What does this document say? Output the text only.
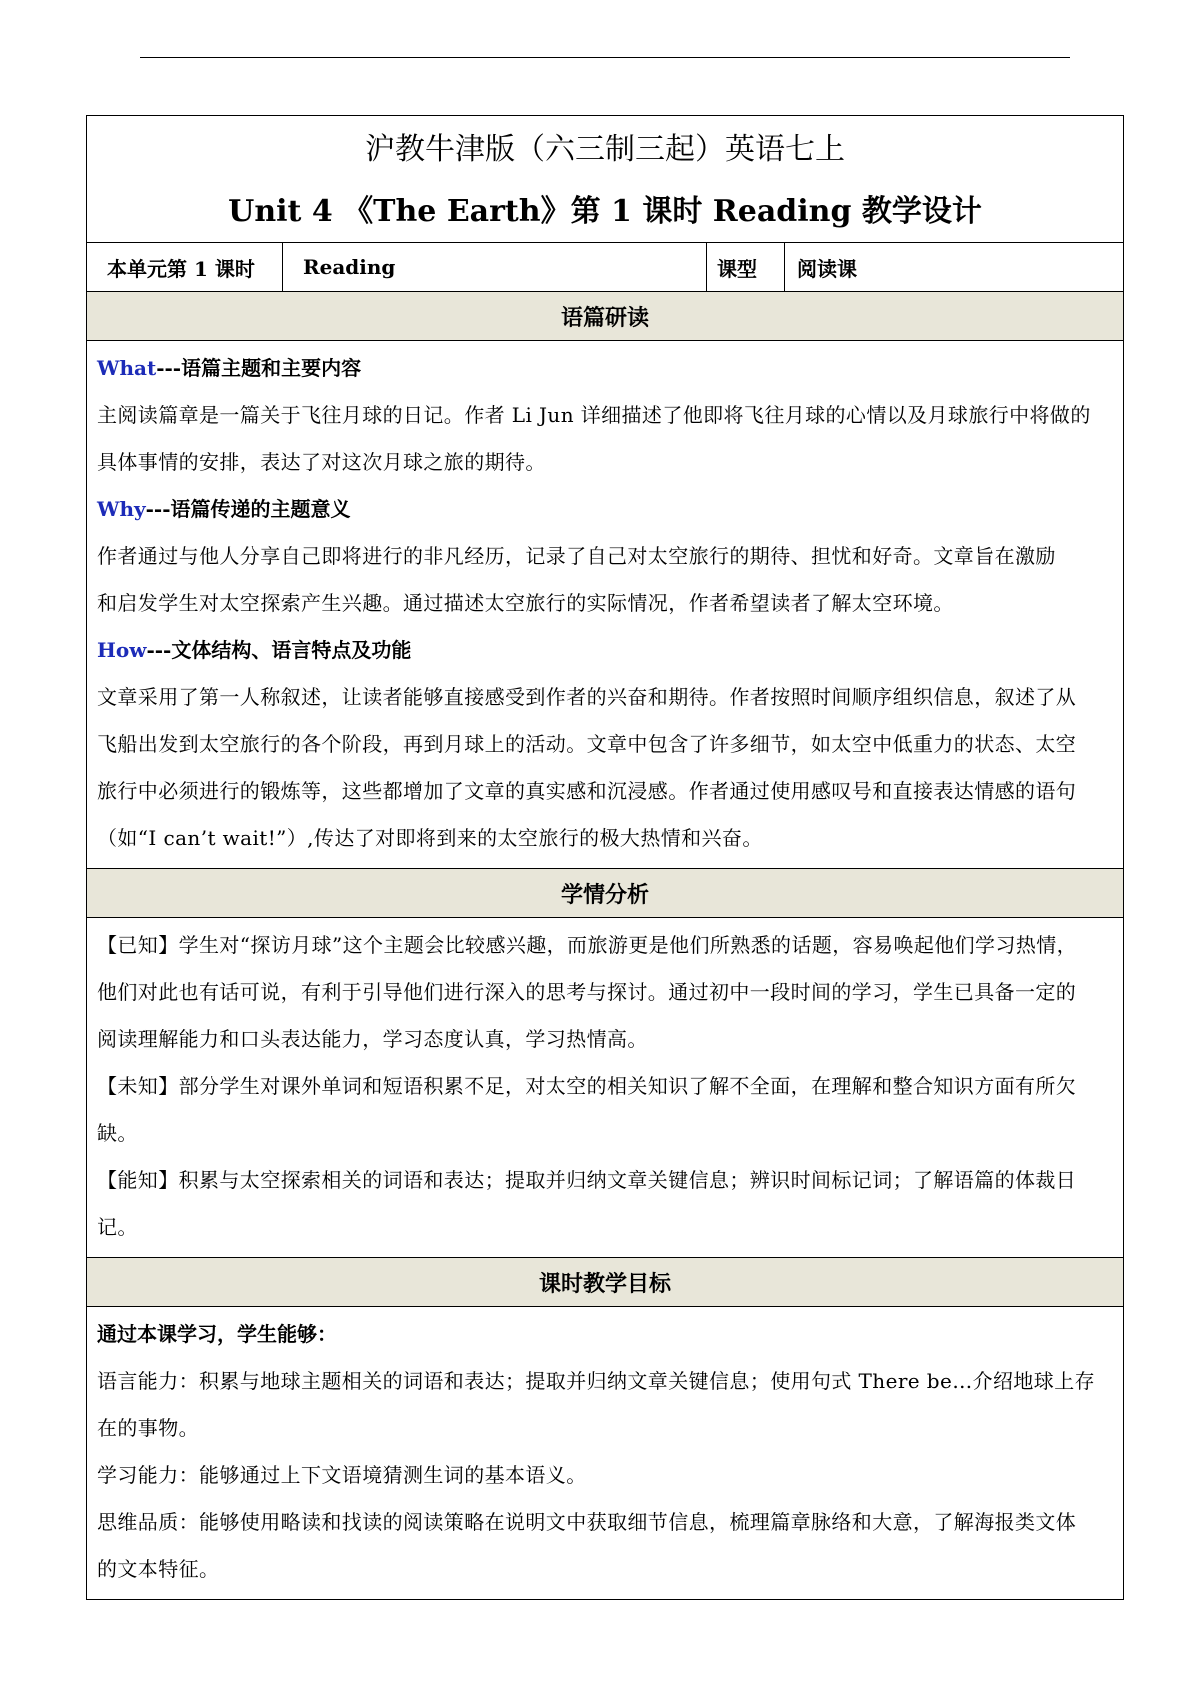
沪教牛津版（六三制三起）英语七上
Unit 4 《The Earth》第 1 课时 Reading 教学设计

本单元第 1 课时	Reading	课型	阅读课
语篇研读

What---语篇主题和主要内容
主阅读篇章是一篇关于飞往月球的日记。作者 Li Jun 详细描述了他即将飞往月球的心情以及月球旅行中将做的
具体事情的安排，表达了对这次月球之旅的期待。
Why---语篇传递的主题意义
作者通过与他人分享自己即将进行的非凡经历，记录了自己对太空旅行的期待、担忧和好奇。文章旨在激励
和启发学生对太空探索产生兴趣。通过描述太空旅行的实际情况，作者希望读者了解太空环境。
How---文体结构、语言特点及功能
文章采用了第一人称叙述，让读者能够直接感受到作者的兴奋和期待。作者按照时间顺序组织信息，叙述了从
飞船出发到太空旅行的各个阶段，再到月球上的活动。文章中包含了许多细节，如太空中低重力的状态、太空
旅行中必须进行的锻炼等，这些都增加了文章的真实感和沉浸感。作者通过使用感叹号和直接表达情感的语句
（如“I can’t wait!”）,传达了对即将到来的太空旅行的极大热情和兴奋。

学情分析

【已知】学生对“探访月球”这个主题会比较感兴趣，而旅游更是他们所熟悉的话题，容易唤起他们学习热情，
他们对此也有话可说，有利于引导他们进行深入的思考与探讨。通过初中一段时间的学习，学生已具备一定的
阅读理解能力和口头表达能力，学习态度认真，学习热情高。
【未知】部分学生对课外单词和短语积累不足，对太空的相关知识了解不全面，在理解和整合知识方面有所欠
缺。
【能知】积累与太空探索相关的词语和表达；提取并归纳文章关键信息；辨识时间标记词；了解语篇的体裁日
记。

课时教学目标

通过本课学习，学生能够：
语言能力：积累与地球主题相关的词语和表达；提取并归纳文章关键信息；使用句式 There be…介绍地球上存
在的事物。
学习能力：能够通过上下文语境猜测生词的基本语义。
思维品质：能够使用略读和找读的阅读策略在说明文中获取细节信息，梳理篇章脉络和大意，了解海报类文体
的文本特征。
